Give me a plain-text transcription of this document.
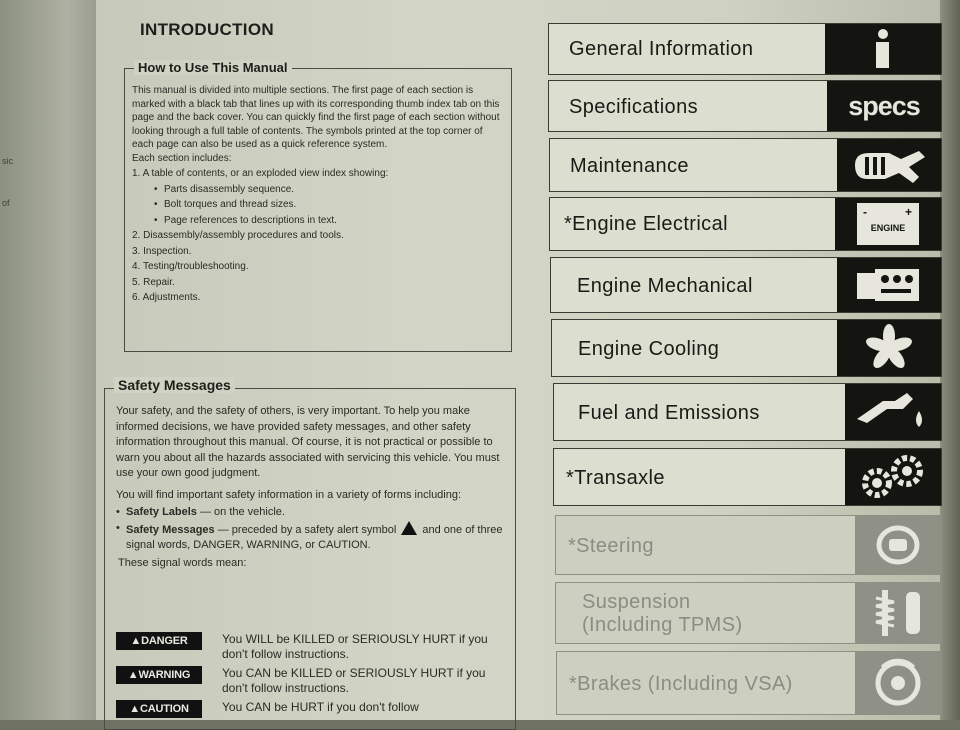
sic
of
INTRODUCTION
How to Use This Manual

This manual is divided into multiple sections. The first page of each section is marked with a black tab that lines up with its corresponding thumb index tab on this page and the back cover. You can quickly find the first page of each section without looking through a full table of contents. The symbols printed at the top corner of each page can also be used as a quick reference system.

Each section includes:

1. A table of contents, or an exploded view index showing:

• Parts disassembly sequence.

• Bolt torques and thread sizes.

• Page references to descriptions in text.

2. Disassembly/assembly procedures and tools.

3. Inspection.

4. Testing/troubleshooting.

5. Repair.

6. Adjustments.

Safety Messages

Your safety, and the safety of others, is very important. To help you make informed decisions, we have provided safety messages, and other safety information throughout this manual. Of course, it is not practical or possible to warn you about all the hazards associated with servicing this vehicle. You must use your own good judgment.

You will find important safety information in a variety of forms including:

• Safety Labels — on the vehicle.
• Safety Messages — preceded by a safety alert symbol  and one of three signal words, DANGER, WARNING, or CAUTION.

These signal words mean:

▲DANGER	You WILL be KILLED or SERIOUSLY HURT if you don't follow instructions.
▲WARNING	You CAN be KILLED or SERIOUSLY HURT if you don't follow instructions.
▲CAUTION	You CAN be HURT if you don't follow
General Information
Specifications	specs
Maintenance
*Engine Electrical
-	+
ENGINE
Engine Mechanical
Engine Cooling
Fuel and Emissions
*Transaxle
*Steering
Suspension
(Including TPMS)
*Brakes (Including VSA)
